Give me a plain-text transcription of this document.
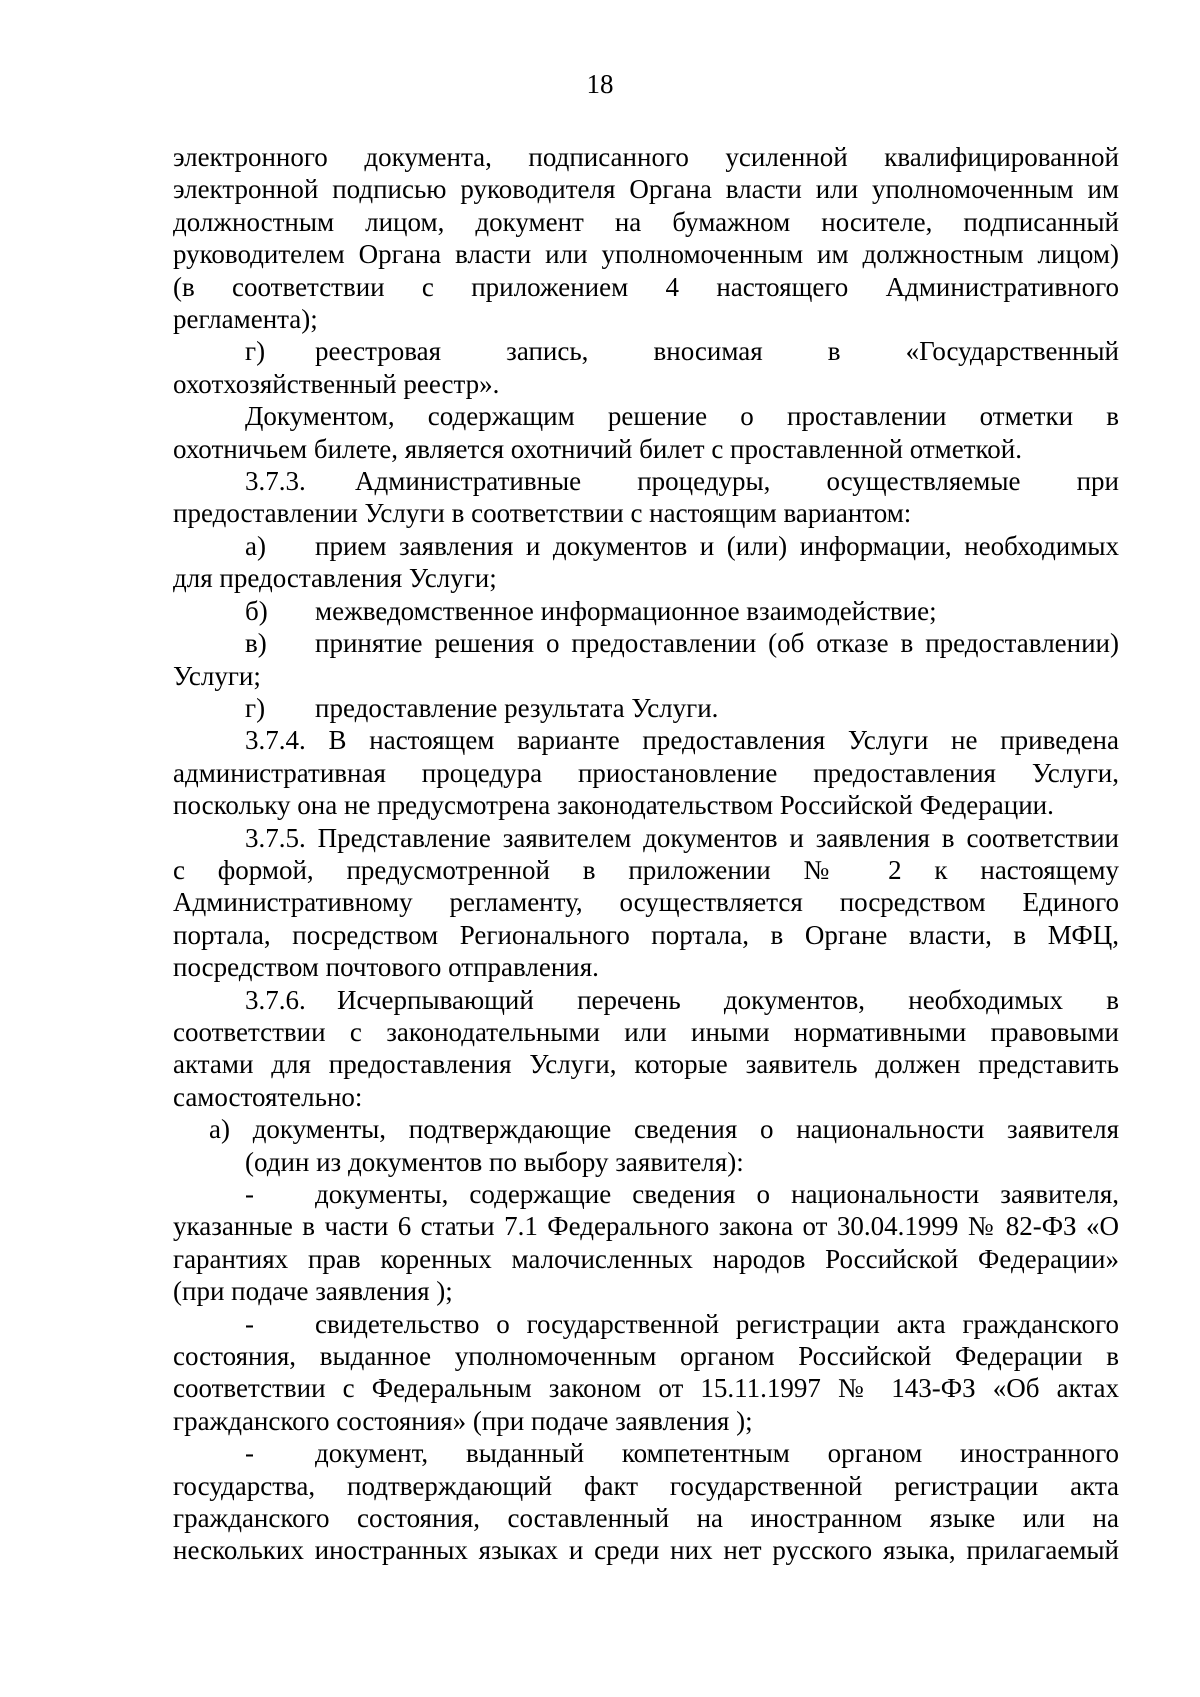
18

электронного документа, подписанного усиленной квалифицированной

электронной подписью руководителя Органа власти или уполномоченным им

должностным лицом, документ на бумажном носителе, подписанный

руководителем Органа власти или уполномоченным им должностным лицом)

(в соответствии с приложением 4 настоящего Административного

регламента);

г) реестровая запись, вносимая в «Государственный

охотхозяйственный реестр».

Документом, содержащим решение о проставлении отметки в

охотничьем билете, является охотничий билет с проставленной отметкой.

3.7.3. Административные процедуры, осуществляемые при

предоставлении Услуги в соответствии с настоящим вариантом:

а) прием заявления и документов и (или) информации, необходимых

для предоставления Услуги;

б) межведомственное информационное взаимодействие;

в) принятие решения о предоставлении (об отказе в предоставлении)

Услуги;

г) предоставление результата Услуги.

3.7.4. В настоящем варианте предоставления Услуги не приведена

административная процедура приостановление предоставления Услуги,

поскольку она не предусмотрена законодательством Российской Федерации.

3.7.5. Представление заявителем документов и заявления в соответствии

с формой, предусмотренной в приложении № 2 к настоящему

Административному регламенту, осуществляется посредством Единого

портала, посредством Регионального портала, в Органе власти, в МФЦ,

посредством почтового отправления.

3.7.6. Исчерпывающий перечень документов, необходимых в

соответствии с законодательными или иными нормативными правовыми

актами для предоставления Услуги, которые заявитель должен представить

самостоятельно:

а) документы, подтверждающие сведения о национальности заявителя

(один из документов по выбору заявителя):

- документы, содержащие сведения о национальности заявителя,

указанные в части 6 статьи 7.1 Федерального закона от 30.04.1999 № 82-ФЗ «О

гарантиях прав коренных малочисленных народов Российской Федерации»

(при подаче заявления );

- свидетельство о государственной регистрации акта гражданского

состояния, выданное уполномоченным органом Российской Федерации в

соответствии с Федеральным законом от 15.11.1997 № 143-ФЗ «Об актах

гражданского состояния» (при подаче заявления );

- документ, выданный компетентным органом иностранного

государства, подтверждающий факт государственной регистрации акта

гражданского состояния, составленный на иностранном языке или на

нескольких иностранных языках и среди них нет русского языка, прилагаемый
